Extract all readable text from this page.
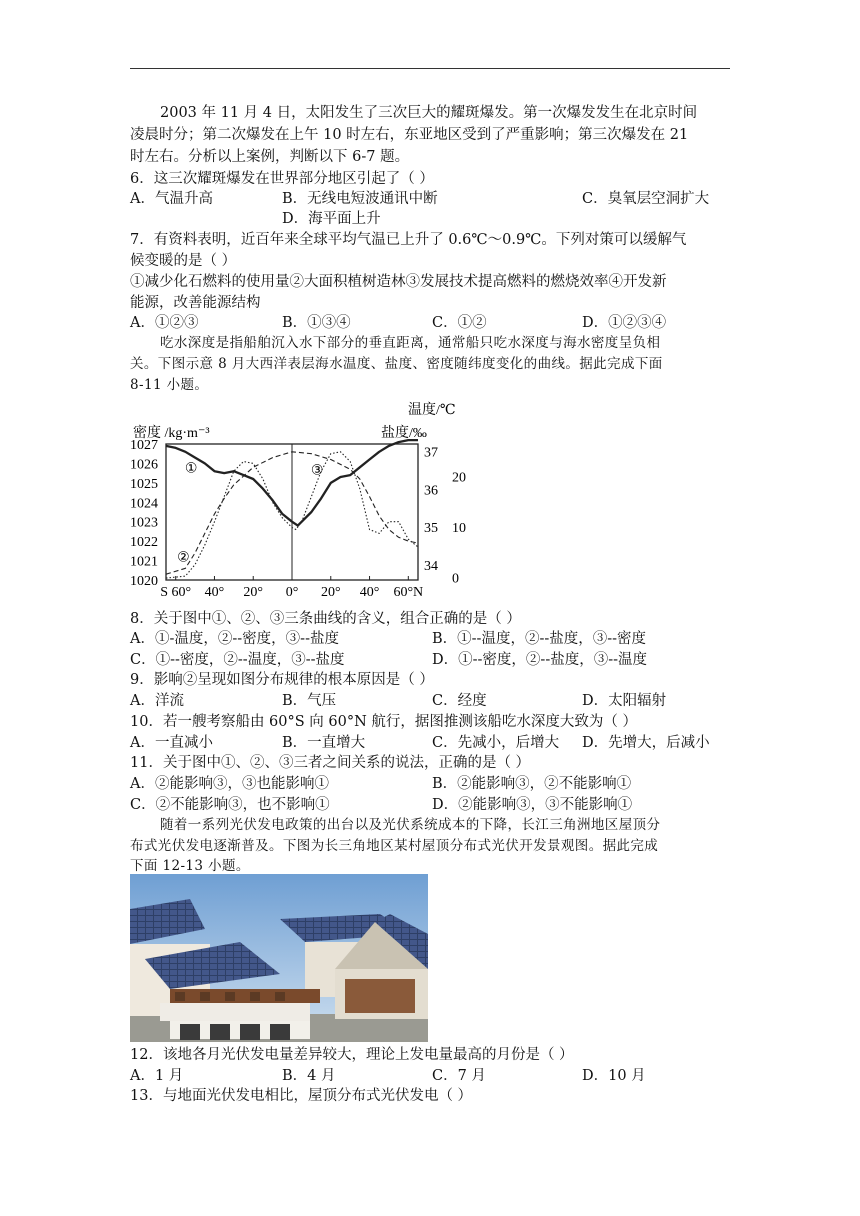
2003 年 11 月 4 日，太阳发生了三次巨大的耀斑爆发。第一次爆发发生在北京时间
凌晨时分；第二次爆发在上午 10 时左右，东亚地区受到了严重影响；第三次爆发在 21
时左右。分析以上案例，判断以下 6-7 题。
6．这三次耀斑爆发在世界部分地区引起了（ ）
A．气温升高	B．无线电短波通讯中断	C．臭氧层空洞扩大
D．海平面上升
7．有资料表明，近百年来全球平均气温已上升了 0.6℃～0.9℃。下列对策可以缓解气
候变暖的是（ ）
①减少化石燃料的使用量②大面积植树造林③发展技术提高燃料的燃烧效率④开发新
能源，改善能源结构
A．①②③	B．①③④	C．①②	D．①②③④
吃水深度是指船舶沉入水下部分的垂直距离，通常船只吃水深度与海水密度呈负相
关。下图示意 8 月大西洋表层海水温度、盐度、密度随纬度变化的曲线。据此完成下面
8-11 小题。
温度/℃
密度 /kg·m⁻³	盐度/‰
1027
1026
1025
1024
1023
1022
1021
1020
37
36
35
34
20
10
0
S 60° 40° 20° 0° 20° 40° 60°N
①
②
③
8．关于图中①、②、③三条曲线的含义，组合正确的是（ ）
A．①-温度，②--密度，③--盐度	B．①--温度，②--盐度，③--密度
C．①--密度，②--温度，③--盐度	D．①--密度，②--盐度，③--温度
9．影响②呈现如图分布规律的根本原因是（ ）
A．洋流	B．气压	C．经度	D．太阳辐射
10．若一艘考察船由 60°S 向 60°N 航行，据图推测该船吃水深度大致为（ ）
A．一直减小	B．一直增大	C．先减小，后增大 D．先增大，后减小
11．关于图中①、②、③三者之间关系的说法，正确的是（ ）
A．②能影响③，③也能影响①	B．②能影响③，②不能影响①
C．②不能影响③，也不影响①	D．②能影响③，③不能影响①
随着一系列光伏发电政策的出台以及光伏系统成本的下降，长江三角洲地区屋顶分
布式光伏发电逐渐普及。下图为长三角地区某村屋顶分布式光伏开发景观图。据此完成
下面 12-13 小题。
12．该地各月光伏发电量差异较大，理论上发电量最高的月份是（ ）
A．1 月	B．4 月	C．7 月	D．10 月
13．与地面光伏发电相比，屋顶分布式光伏发电（ ）
